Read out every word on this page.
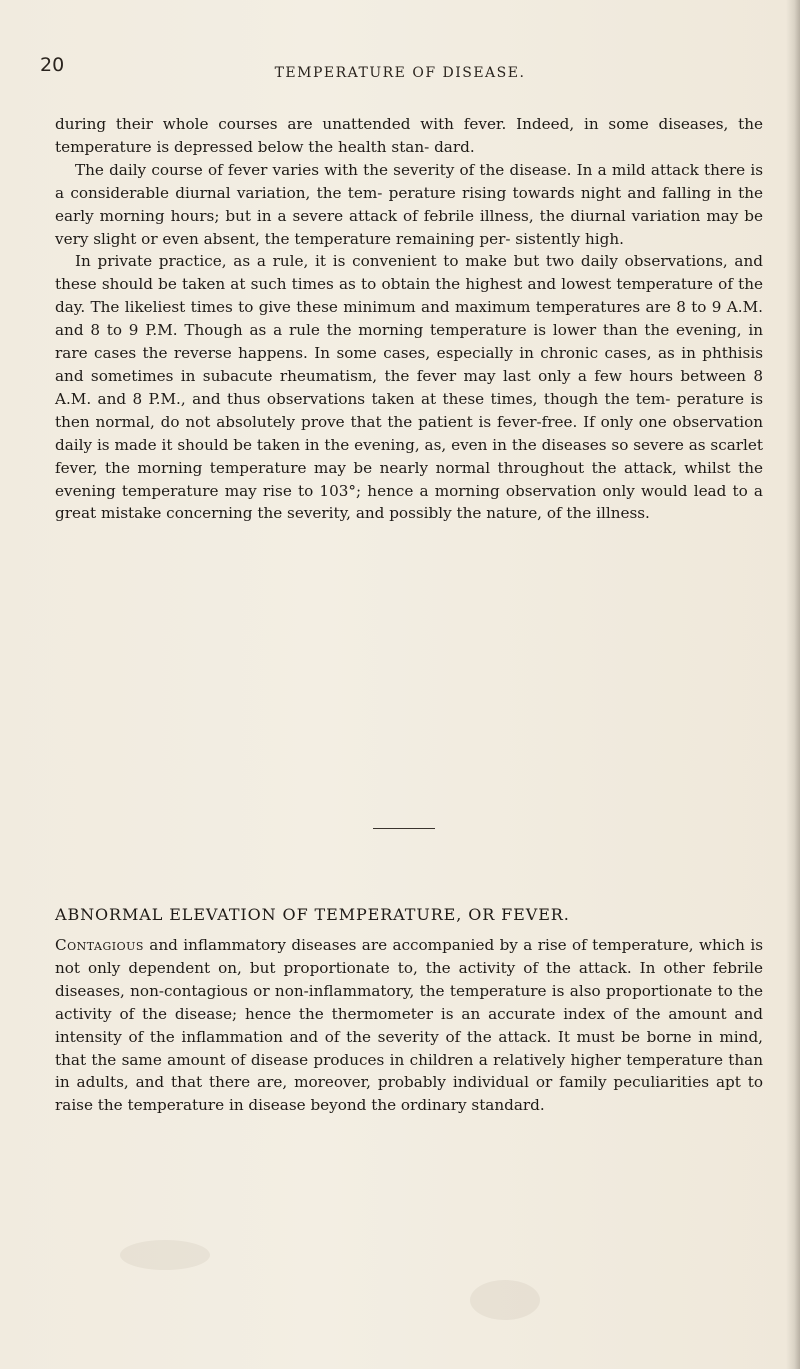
20	TEMPERATURE OF DISEASE.

during their whole courses are unattended with fever. Indeed, in some diseases, the temperature is depressed below the health stan- dard.

The daily course of fever varies with the severity of the disease. In a mild attack there is a considerable diurnal variation, the tem- perature rising towards night and falling in the early morning hours; but in a severe attack of febrile illness, the diurnal variation may be very slight or even absent, the temperature remaining per- sistently high.

In private practice, as a rule, it is convenient to make but two daily observations, and these should be taken at such times as to obtain the highest and lowest temperature of the day. The likeliest times to give these minimum and maximum temperatures are 8 to 9 A.M. and 8 to 9 P.M. Though as a rule the morning temperature is lower than the evening, in rare cases the reverse happens. In some cases, especially in chronic cases, as in phthisis and sometimes in subacute rheumatism, the fever may last only a few hours between 8 A.M. and 8 P.M., and thus observations taken at these times, though the tem- perature is then normal, do not absolutely prove that the patient is fever-free. If only one observation daily is made it should be taken in the evening, as, even in the diseases so severe as scarlet fever, the morning temperature may be nearly normal throughout the attack, whilst the evening temperature may rise to 103°; hence a morning observation only would lead to a great mistake concerning the severity, and possibly the nature, of the illness.

ABNORMAL ELEVATION OF TEMPERATURE, OR FEVER.

Contagious and inflammatory diseases are accompanied by a rise of temperature, which is not only dependent on, but proportionate to, the activity of the attack. In other febrile diseases, non-contagious or non-inflammatory, the temperature is also proportionate to the activity of the disease; hence the thermometer is an accurate index of the amount and intensity of the inflammation and of the severity of the attack. It must be borne in mind, that the same amount of disease produces in children a relatively higher temperature than in adults, and that there are, moreover, probably individual or family peculiarities apt to raise the temperature in disease beyond the ordinary standard.
